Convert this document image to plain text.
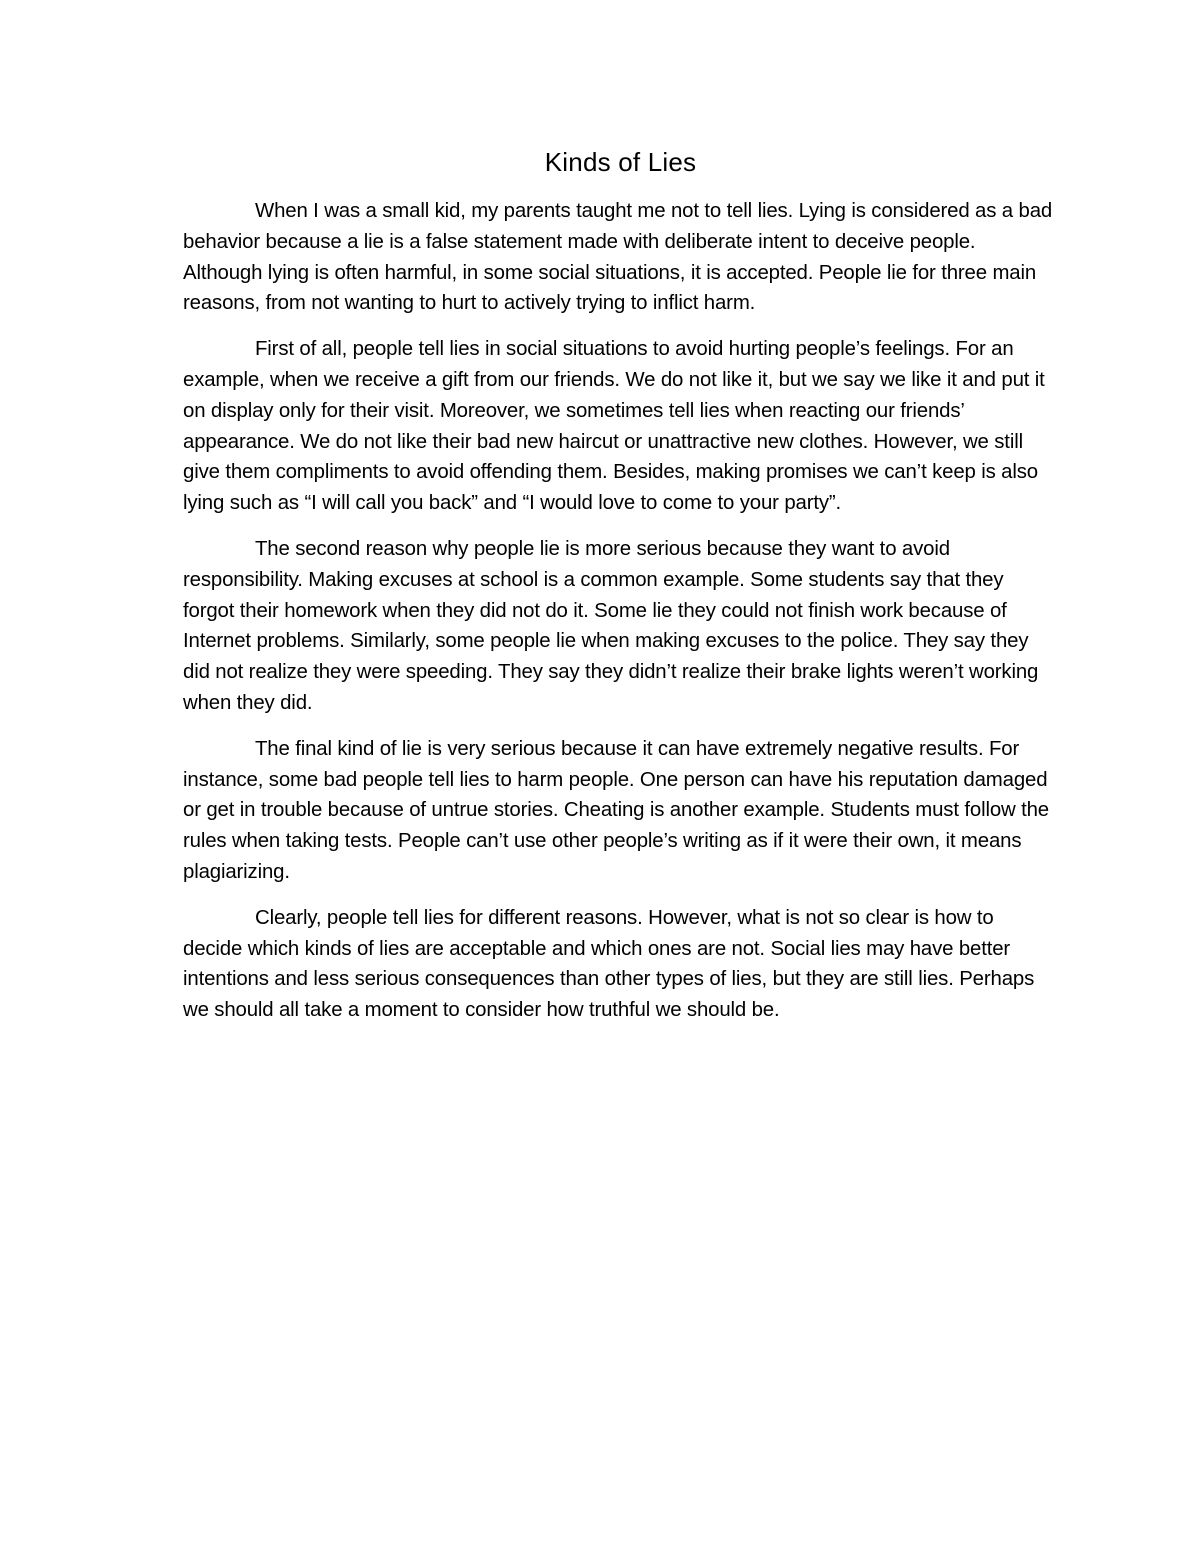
Kinds of Lies

When I was a small kid, my parents taught me not to tell lies. Lying is considered as a bad behavior because a lie is a false statement made with deliberate intent to deceive people. Although lying is often harmful, in some social situations, it is accepted. People lie for three main reasons, from not wanting to hurt to actively trying to inflict harm.

First of all, people tell lies in social situations to avoid hurting people’s feelings. For an example, when we receive a gift from our friends. We do not like it, but we say we like it and put it on display only for their visit. Moreover, we sometimes tell lies when reacting our friends’ appearance. We do not like their bad new haircut or unattractive new clothes. However, we still give them compliments to avoid offending them. Besides, making promises we can’t keep is also lying such as “I will call you back” and “I would love to come to your party”.

The second reason why people lie is more serious because they want to avoid responsibility. Making excuses at school is a common example. Some students say that they forgot their homework when they did not do it. Some lie they could not finish work because of Internet problems. Similarly, some people lie when making excuses to the police. They say they did not realize they were speeding. They say they didn’t realize their brake lights weren’t working when they did.

The final kind of lie is very serious because it can have extremely negative results. For instance, some bad people tell lies to harm people. One person can have his reputation damaged or get in trouble because of untrue stories. Cheating is another example. Students must follow the rules when taking tests. People can’t use other people’s writing as if it were their own, it means plagiarizing.

Clearly, people tell lies for different reasons. However, what is not so clear is how to decide which kinds of lies are acceptable and which ones are not. Social lies may have better intentions and less serious consequences than other types of lies, but they are still lies. Perhaps we should all take a moment to consider how truthful we should be.
